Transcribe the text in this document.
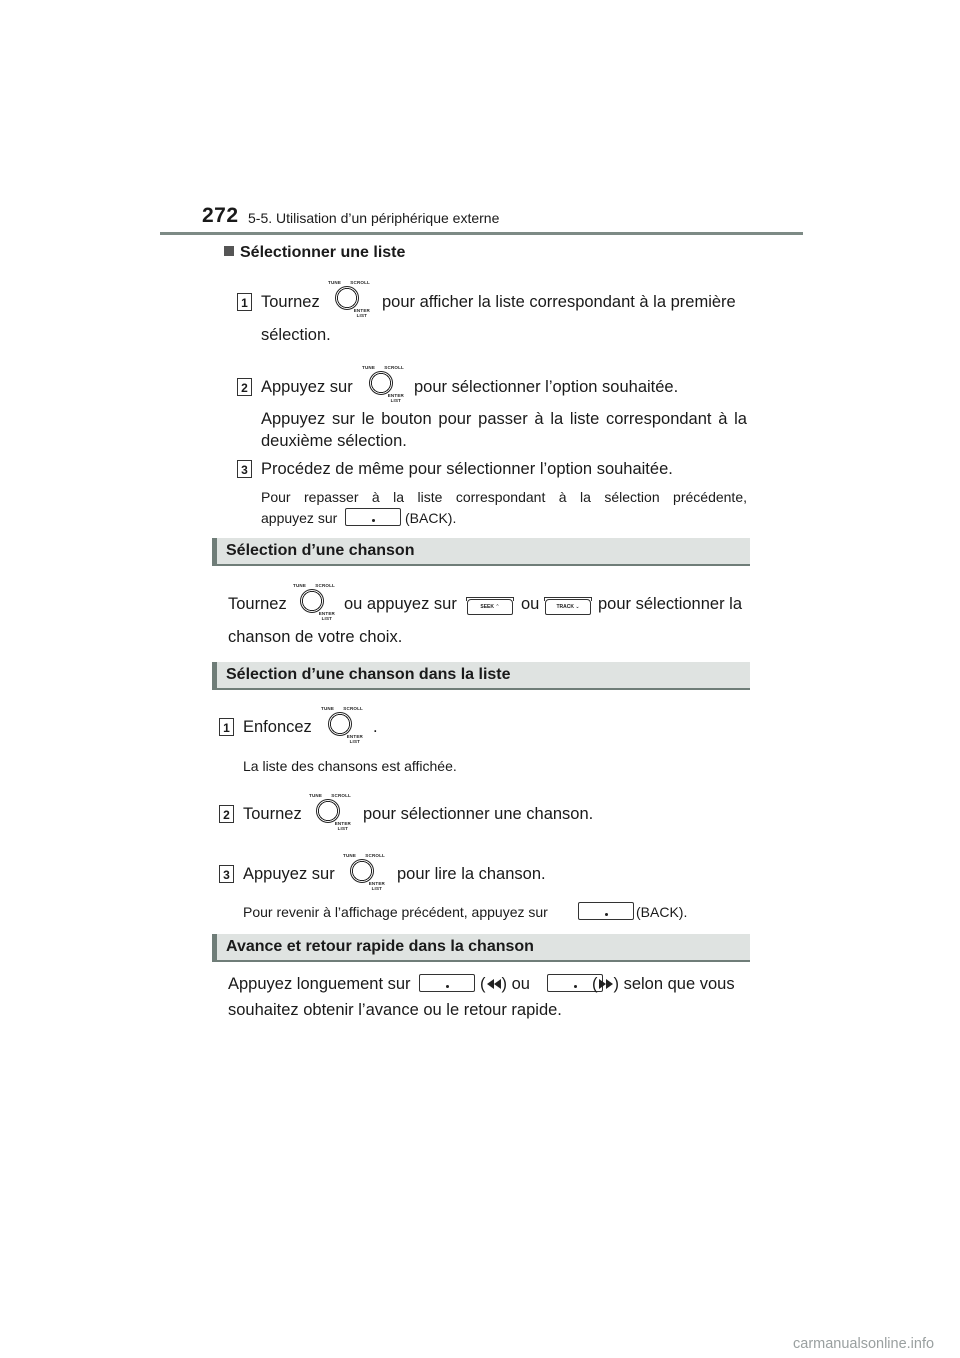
272 5-5. Utilisation d’un périphérique externe
Sélectionner une liste
1 Tournez
TUNE SCROLL
ENTER
LIST
pour afficher la liste correspondant à la première
sélection.
2 Appuyez sur
TUNE SCROLL
ENTER
LIST
pour sélectionner l’option souhaitée.
Appuyez sur le bouton pour passer à la liste correspondant à la
deuxième sélection.
3 Procédez de même pour sélectionner l’option souhaitée.
Pour repasser à la liste correspondant à la sélection précédente,
appuyez sur	(BACK).
Sélection d’une chanson
Tournez
TUNE SCROLL
ENTER
LIST
ou appuyez sur	SEEK ⌃	ou	TRACK ⌄	pour sélectionner la
chanson de votre choix.
Sélection d’une chanson dans la liste
1 Enfoncez
TUNE SCROLL
ENTER
LIST
.
La liste des chansons est affichée.
2 Tournez
TUNE SCROLL
ENTER
LIST
pour sélectionner une chanson.
3 Appuyez sur
TUNE SCROLL
ENTER
LIST
pour lire la chanson.
Pour revenir à l’affichage précédent, appuyez sur	(BACK).
Avance et retour rapide dans la chanson
Appuyez longuement sur	( ) ou	( ) selon que vous
souhaitez obtenir l’avance ou le retour rapide.
carmanualsonline.info
